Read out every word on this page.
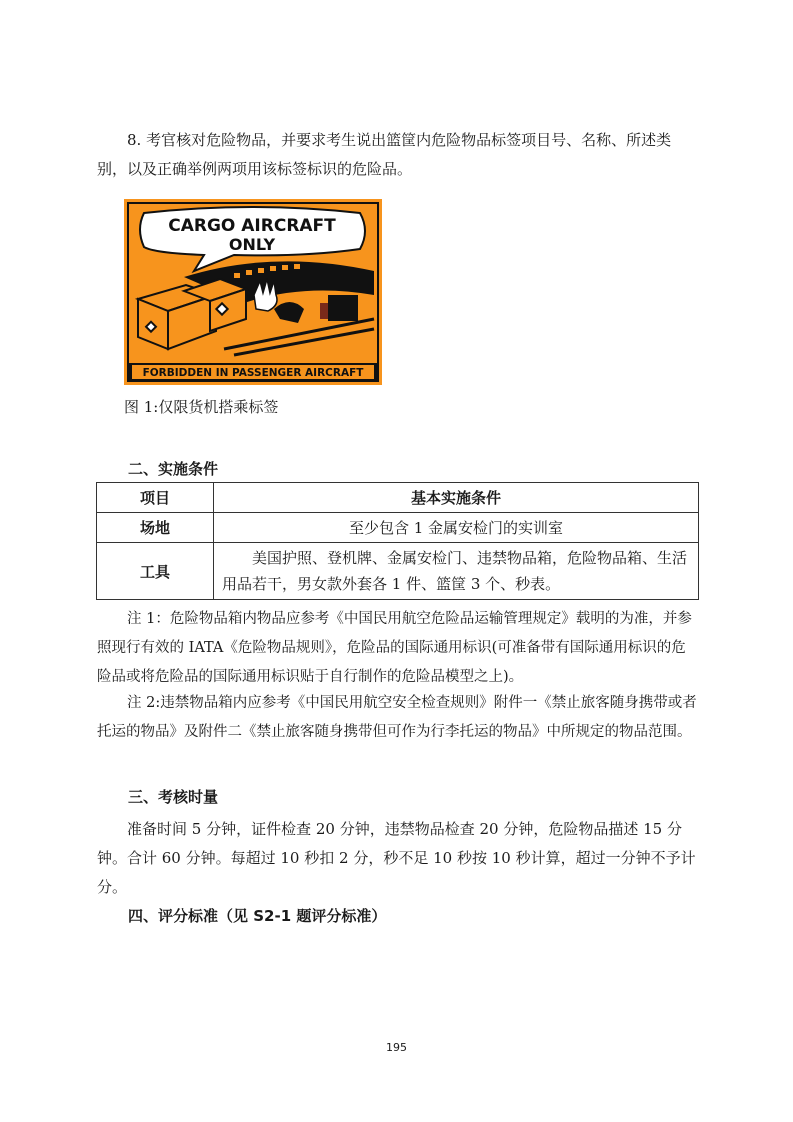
8. 考官核对危险物品，并要求考生说出篮筐内危险物品标签项目号、名称、所述类别，以及正确举例两项用该标签标识的危险品。

CARGO AIRCRAFT
ONLY
FORBIDDEN IN PASSENGER AIRCRAFT

图 1:仅限货机搭乘标签

二、实施条件

项目	基本实施条件
场地	至少包含 1 金属安检门的实训室
工具	美国护照、登机牌、金属安检门、违禁物品箱，危险物品箱、生活用品若干，男女款外套各 1 件、篮筐 3 个、秒表。

注 1：危险物品箱内物品应参考《中国民用航空危险品运输管理规定》载明的为准，并参照现行有效的 IATA《危险物品规则》，危险品的国际通用标识(可准备带有国际通用标识的危险品或将危险品的国际通用标识贴于自行制作的危险品模型之上)。

注 2:违禁物品箱内应参考《中国民用航空安全检查规则》附件一《禁止旅客随身携带或者托运的物品》及附件二《禁止旅客随身携带但可作为行李托运的物品》中所规定的物品范围。

三、考核时量

准备时间 5 分钟，证件检查 20 分钟，违禁物品检查 20 分钟，危险物品描述 15 分钟。合计 60 分钟。每超过 10 秒扣 2 分，秒不足 10 秒按 10 秒计算，超过一分钟不予计分。

四、评分标准（见 S2-1 题评分标准）

195
